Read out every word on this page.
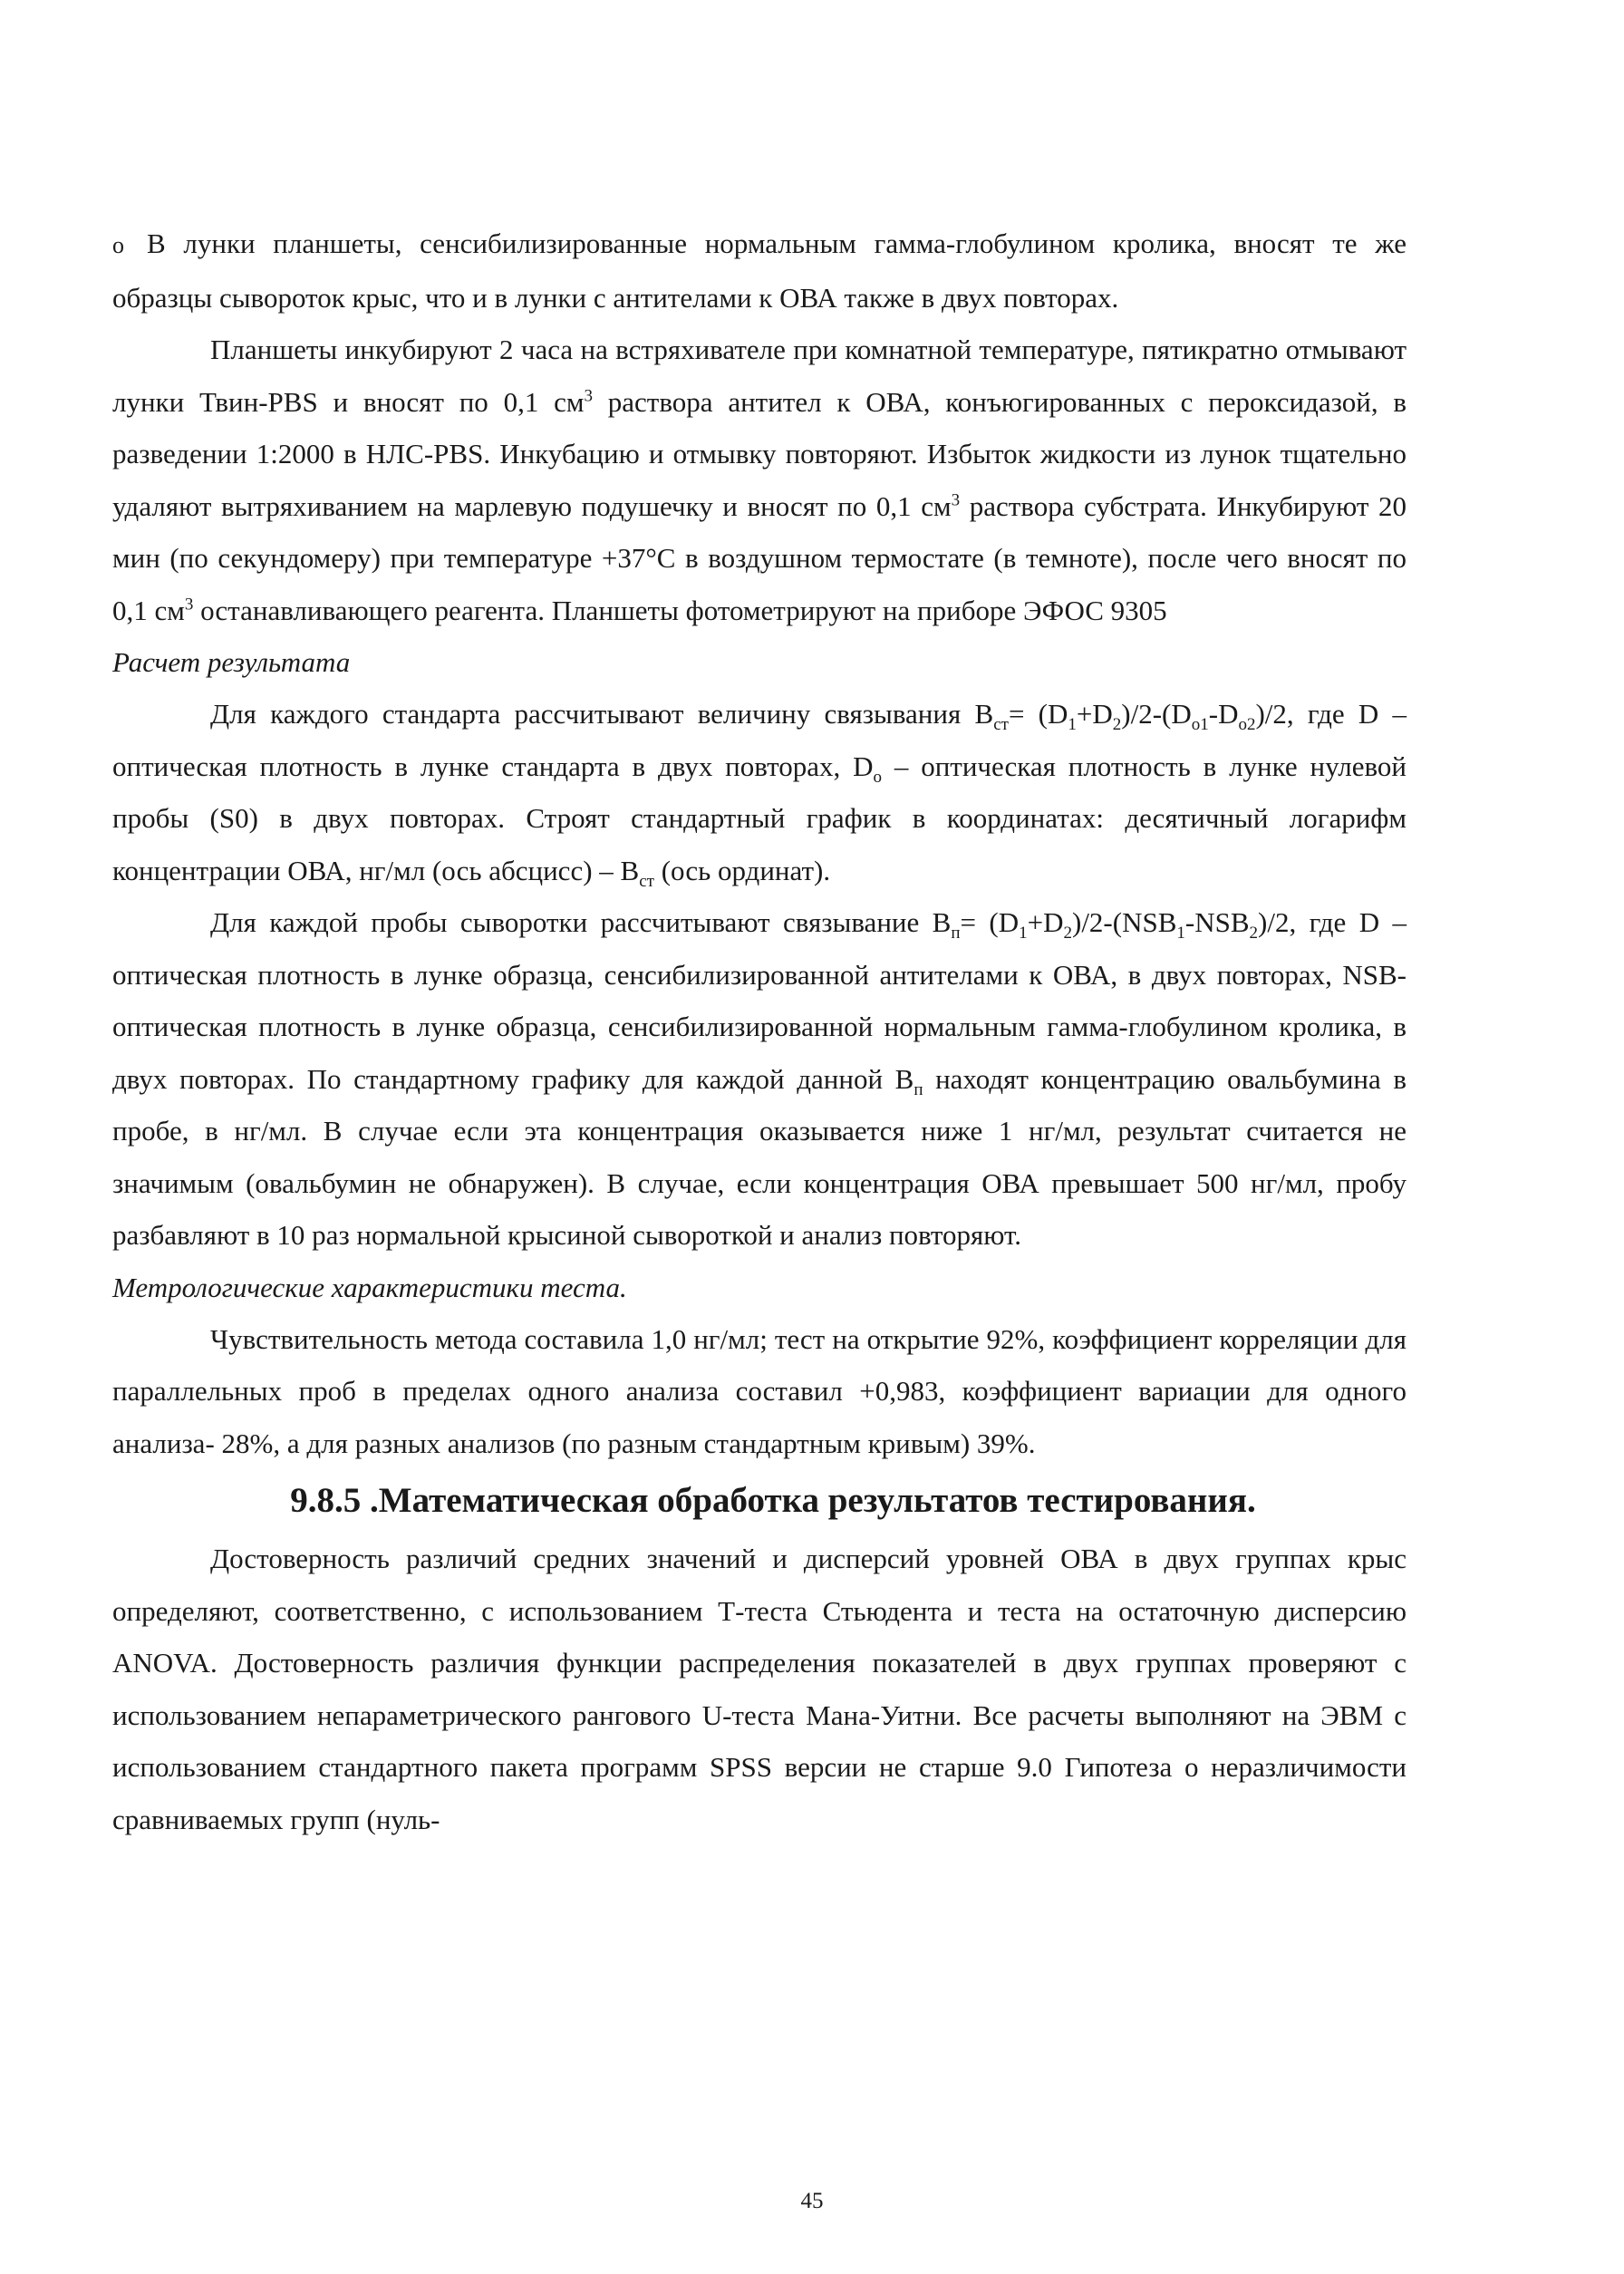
o В лунки планшеты, сенсибилизированные нормальным гамма-глобулином кролика, вносят те же образцы сывороток крыс, что и в лунки с антителами к ОВА также в двух повторах.

Планшеты инкубируют 2 часа на встряхивателе при комнатной температуре, пятикратно отмывают лунки Твин-PBS и вносят по 0,1 $см^3$ раствора антител к ОВА, конъюгированных с пероксидазой, в разведении 1:2000 в НЛС-PBS. Инкубацию и отмывку повторяют. Избыток жидкости из лунок тщательно удаляют вытряхиванием на марлевую подушечку и вносят по 0,1 $см^3$ раствора субстрата. Инкубируют 20 мин (по секундомеру) при температуре +37°С в воздушном термостате (в темноте), после чего вносят по 0,1 $см^3$ останавливающего реагента. Планшеты фотометрируют на приборе ЭФОС 9305

Расчет результата

Для каждого стандарта рассчитывают величину связывания $В_{ст}= (D_1+D_2)/2-(D_{o1}-D_{o2})/2$, где D – оптическая плотность в лунке стандарта в двух повторах, $D_o$ – оптическая плотность в лунке нулевой пробы (S0) в двух повторах. Строят стандартный график в координатах: десятичный логарифм концентрации ОВА, нг/мл (ось абсцисс) – $В_{ст}$ (ось ординат).

Для каждой пробы сыворотки рассчитывают связывание $В_п= (D_1+D_2)/2-(NSB_1-NSB_2)/2$, где D – оптическая плотность в лунке образца, сенсибилизированной антителами к ОВА, в двух повторах, NSB- оптическая плотность в лунке образца, сенсибилизированной нормальным гамма-глобулином кролика, в двух повторах. По стандартному графику для каждой данной $В_п$ находят концентрацию овальбумина в пробе, в нг/мл. В случае если эта концентрация оказывается ниже 1 нг/мл, результат считается не значимым (овальбумин не обнаружен). В случае, если концентрация ОВА превышает 500 нг/мл, пробу разбавляют в 10 раз нормальной крысиной сывороткой и анализ повторяют.

Метрологические характеристики теста.

Чувствительность метода составила 1,0 нг/мл; тест на открытие 92%, коэффициент корреляции для параллельных проб в пределах одного анализа составил +0,983, коэффициент вариации для одного анализа- 28%, а для разных анализов (по разным стандартным кривым) 39%.

9.8.5 .Математическая обработка результатов тестирования.

Достоверность различий средних значений и дисперсий уровней ОВА в двух группах крыс определяют, соответственно, с использованием Т-теста Стьюдента и теста на остаточную дисперсию ANOVA. Достоверность различия функции распределения показателей в двух группах проверяют с использованием непараметрического рангового U-теста Мана-Уитни. Все расчеты выполняют на ЭВМ с использованием стандартного пакета программ SPSS версии не старше 9.0 Гипотеза о неразличимости сравниваемых групп (нуль-

45
